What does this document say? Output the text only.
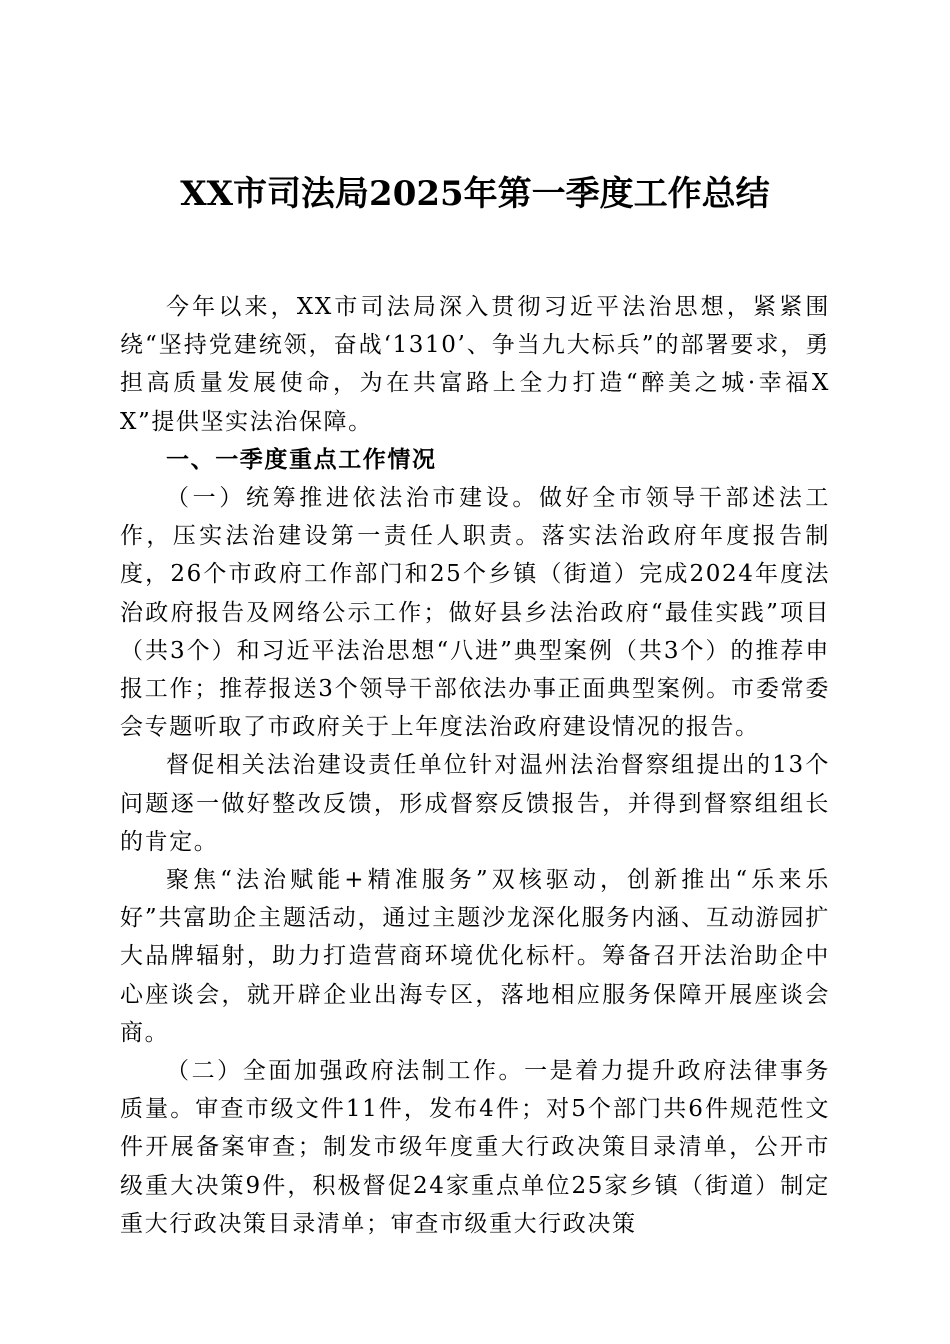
XX市司法局2025年第一季度工作总结

今年以来，XX市司法局深入贯彻习近平法治思想，紧紧围绕“坚持党建统领，奋战‘1310’、争当九大标兵”的部署要求，勇担高质量发展使命，为在共富路上全力打造“醉美之城·幸福XX”提供坚实法治保障。

一、一季度重点工作情况

（一）统筹推进依法治市建设。做好全市领导干部述法工作，压实法治建设第一责任人职责。落实法治政府年度报告制度，26个市政府工作部门和25个乡镇（街道）完成2024年度法治政府报告及网络公示工作；做好县乡法治政府“最佳实践”项目（共3个）和习近平法治思想“八进”典型案例（共3个）的推荐申报工作；推荐报送3个领导干部依法办事正面典型案例。市委常委会专题听取了市政府关于上年度法治政府建设情况的报告。

督促相关法治建设责任单位针对温州法治督察组提出的13个问题逐一做好整改反馈，形成督察反馈报告，并得到督察组组长的肯定。

聚焦“法治赋能+精准服务”双核驱动，创新推出“乐来乐好”共富助企主题活动，通过主题沙龙深化服务内涵、互动游园扩大品牌辐射，助力打造营商环境优化标杆。筹备召开法治助企中心座谈会，就开辟企业出海专区，落地相应服务保障开展座谈会商。

（二）全面加强政府法制工作。一是着力提升政府法律事务质量。审查市级文件11件，发布4件；对5个部门共6件规范性文件开展备案审查；制发市级年度重大行政决策目录清单，公开市级重大决策9件，积极督促24家重点单位25家乡镇（街道）制定重大行政决策目录清单；审查市级重大行政决策
